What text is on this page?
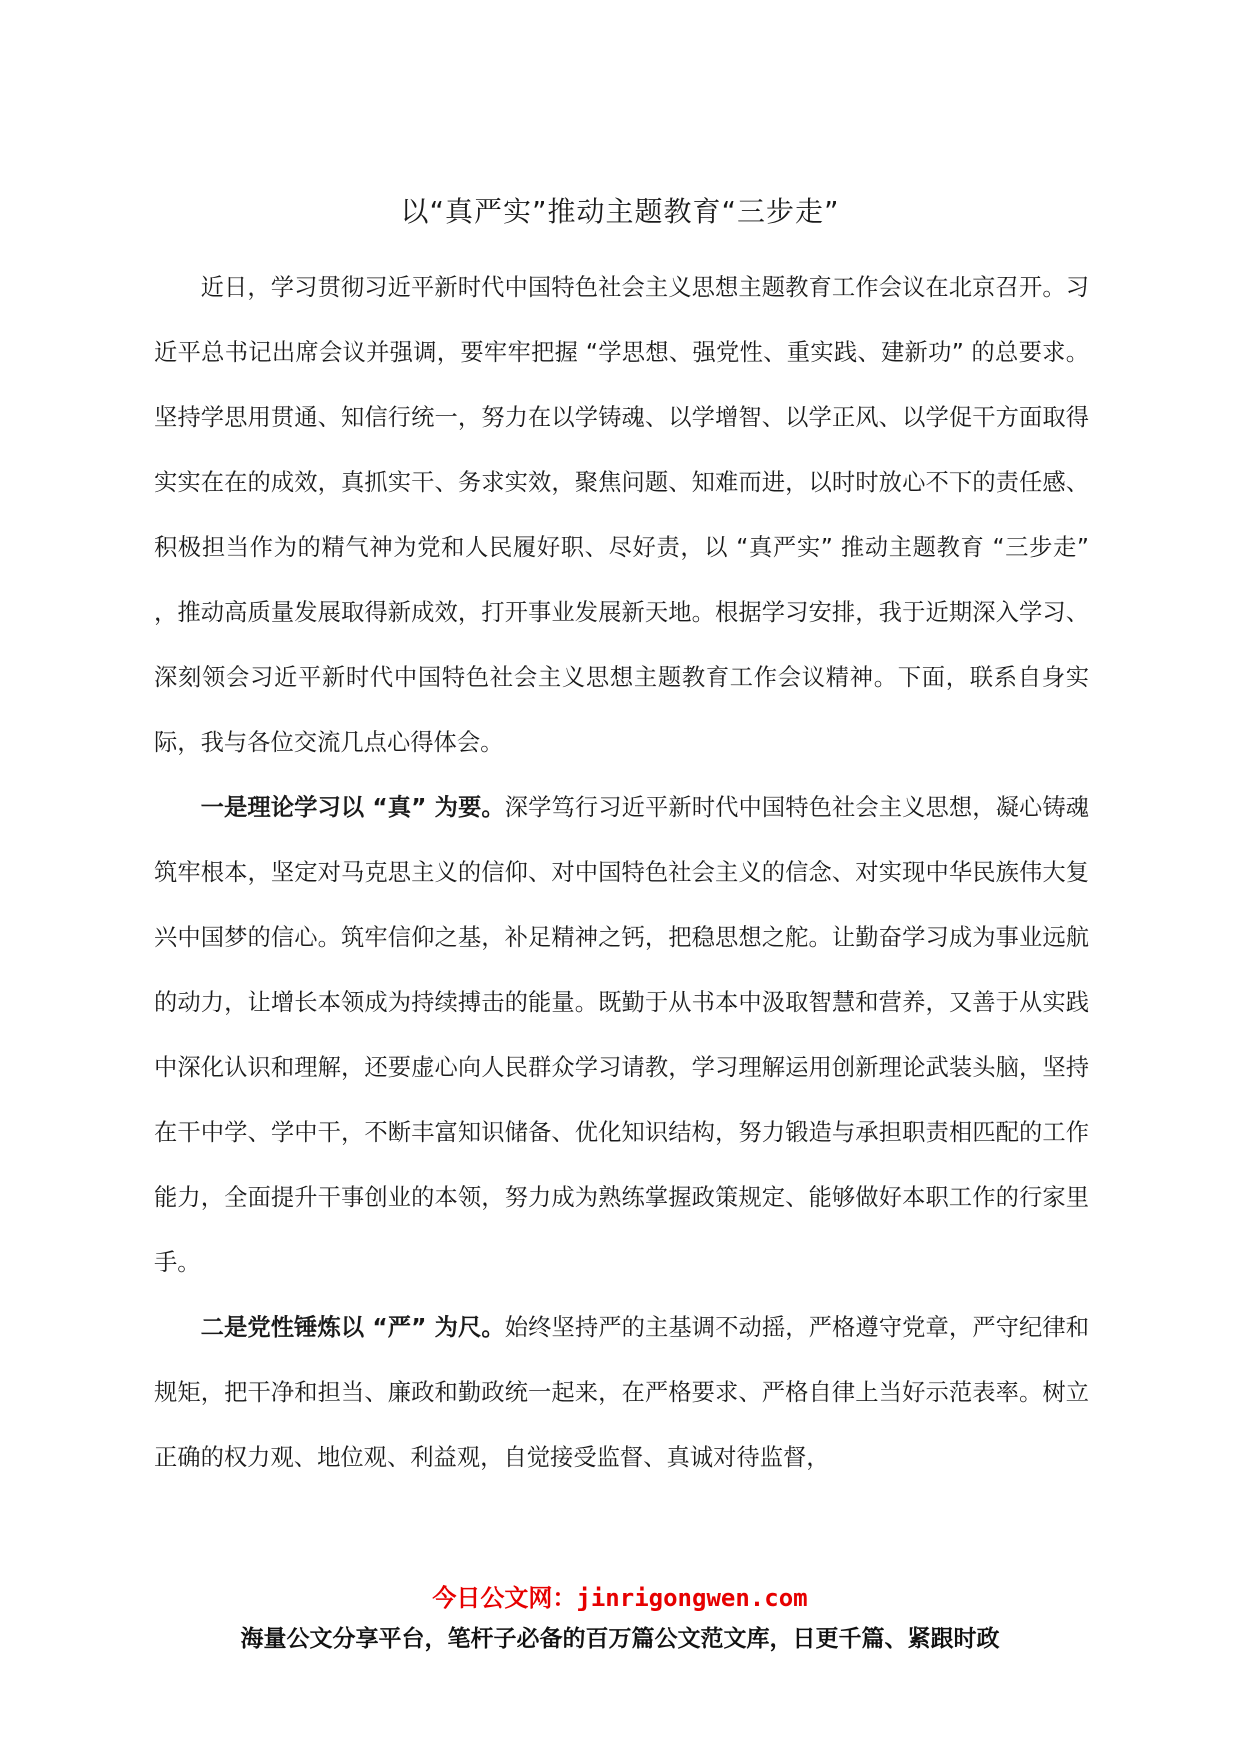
以“真严实”推动主题教育“三步走”

近日，学习贯彻习近平新时代中国特色社会主义思想主题教育工作会议在北京召开。习近平总书记出席会议并强调，要牢牢把握 “学思想、强党性、重实践、建新功” 的总要求。坚持学思用贯通、知信行统一，努力在以学铸魂、以学增智、以学正风、以学促干方面取得实实在在的成效，真抓实干、务求实效，聚焦问题、知难而进，以时时放心不下的责任感、积极担当作为的精气神为党和人民履好职、尽好责，以 “真严实” 推动主题教育 “三步走” ，推动高质量发展取得新成效，打开事业发展新天地。根据学习安排，我于近期深入学习、深刻领会习近平新时代中国特色社会主义思想主题教育工作会议精神。下面，联系自身实际，我与各位交流几点心得体会。

一是理论学习以 “真” 为要。深学笃行习近平新时代中国特色社会主义思想，凝心铸魂筑牢根本，坚定对马克思主义的信仰、对中国特色社会主义的信念、对实现中华民族伟大复兴中国梦的信心。筑牢信仰之基，补足精神之钙，把稳思想之舵。让勤奋学习成为事业远航的动力，让增长本领成为持续搏击的能量。既勤于从书本中汲取智慧和营养，又善于从实践中深化认识和理解，还要虚心向人民群众学习请教，学习理解运用创新理论武装头脑，坚持在干中学、学中干，不断丰富知识储备、优化知识结构，努力锻造与承担职责相匹配的工作能力，全面提升干事创业的本领，努力成为熟练掌握政策规定、能够做好本职工作的行家里手。

二是党性锤炼以 “严” 为尺。始终坚持严的主基调不动摇，严格遵守党章，严守纪律和规矩，把干净和担当、廉政和勤政统一起来，在严格要求、严格自律上当好示范表率。树立正确的权力观、地位观、利益观，自觉接受监督、真诚对待监督，

今日公文网：jinrigongwen.com
海量公文分享平台，笔杆子必备的百万篇公文范文库，日更千篇、紧跟时政
